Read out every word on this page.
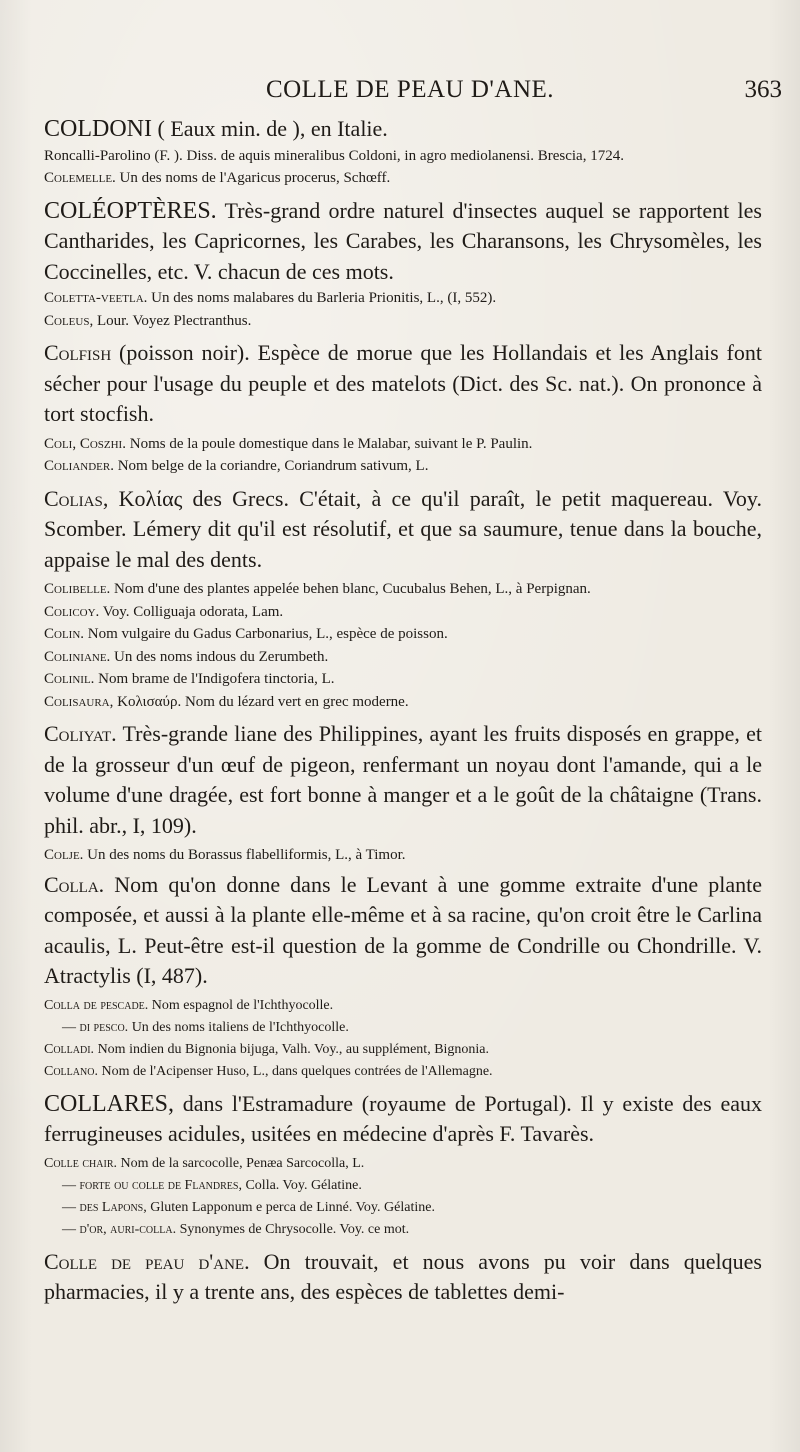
COLLE DE PEAU D'ANE.	363

COLDONI ( Eaux min. de ), en Italie.

Roncalli-Parolino (F. ). Diss. de aquis mineralibus Coldoni, in agro mediolanensi. Brescia, 1724.

Colemelle. Un des noms de l'Agaricus procerus, Schœff.

COLÉOPTÈRES. Très-grand ordre naturel d'insectes auquel se rapportent les Cantharides, les Capricornes, les Carabes, les Charansons, les Chrysomèles, les Coccinelles, etc. V. chacun de ces mots.

Coletta-veetla. Un des noms malabares du Barleria Prionitis, L., (I, 552).

Coleus, Lour. Voyez Plectranthus.

Colfish (poisson noir). Espèce de morue que les Hollandais et les Anglais font sécher pour l'usage du peuple et des matelots (Dict. des Sc. nat.). On prononce à tort stocfish.

Coli, Coszhi. Noms de la poule domestique dans le Malabar, suivant le P. Paulin.

Coliander. Nom belge de la coriandre, Coriandrum sativum, L.

Colias, Κολίας des Grecs. C'était, à ce qu'il paraît, le petit maquereau. Voy. Scomber. Lémery dit qu'il est résolutif, et que sa saumure, tenue dans la bouche, appaise le mal des dents.

Colibelle. Nom d'une des plantes appelée behen blanc, Cucubalus Behen, L., à Perpignan.

Colicoy. Voy. Colliguaja odorata, Lam.

Colin. Nom vulgaire du Gadus Carbonarius, L., espèce de poisson.

Coliniane. Un des noms indous du Zerumbeth.

Colinil. Nom brame de l'Indigofera tinctoria, L.

Colisaura, Κολισαύρ. Nom du lézard vert en grec moderne.

Coliyat. Très-grande liane des Philippines, ayant les fruits disposés en grappe, et de la grosseur d'un œuf de pigeon, renfermant un noyau dont l'amande, qui a le volume d'une dragée, est fort bonne à manger et a le goût de la châtaigne (Trans. phil. abr., I, 109).

Colje. Un des noms du Borassus flabelliformis, L., à Timor.

Colla. Nom qu'on donne dans le Levant à une gomme extraite d'une plante composée, et aussi à la plante elle-même et à sa racine, qu'on croit être le Carlina acaulis, L. Peut-être est-il question de la gomme de Condrille ou Chondrille. V. Atractylis (I, 487).

Colla de pescade. Nom espagnol de l'Ichthyocolle.

— di pesco. Un des noms italiens de l'Ichthyocolle.

Colladi. Nom indien du Bignonia bijuga, Valh. Voy., au supplément, Bignonia.

Collano. Nom de l'Acipenser Huso, L., dans quelques contrées de l'Allemagne.

COLLARES, dans l'Estramadure (royaume de Portugal). Il y existe des eaux ferrugineuses acidules, usitées en médecine d'après F. Tavarès.

Colle chair. Nom de la sarcocolle, Penæa Sarcocolla, L.

— forte ou colle de Flandres, Colla. Voy. Gélatine.

— des Lapons, Gluten Lapponum e perca de Linné. Voy. Gélatine.

— d'or, auri-colla. Synonymes de Chrysocolle. Voy. ce mot.

Colle de peau d'ane. On trouvait, et nous avons pu voir dans quelques pharmacies, il y a trente ans, des espèces de tablettes demi-
